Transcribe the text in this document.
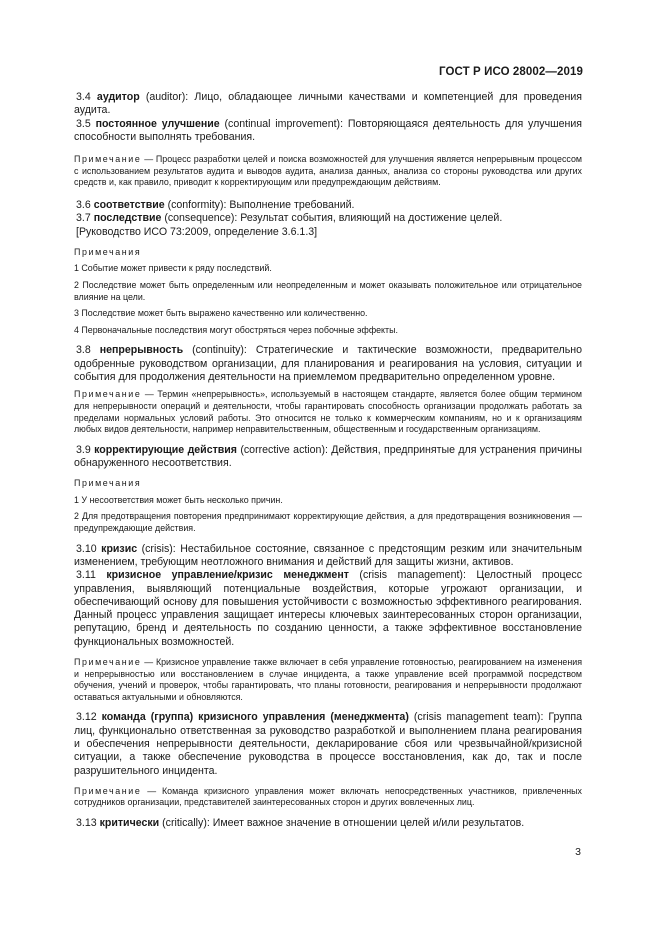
ГОСТ Р ИСО 28002—2019

3.4 аудитор (auditor): Лицо, обладающее личными качествами и компетенцией для проведения аудита.

3.5 постоянное улучшение (continual improvement): Повторяющаяся деятельность для улучшения способности выполнять требования.

Примечание — Процесс разработки целей и поиска возможностей для улучшения является непрерывным процессом с использованием результатов аудита и выводов аудита, анализа данных, анализа со стороны руководства или других средств и, как правило, приводит к корректирующим или предупреждающим действиям.

3.6 соответствие (conformity): Выполнение требований.

3.7 последствие (consequence): Результат события, влияющий на достижение целей.

[Руководство ИСО 73:2009, определение 3.6.1.3]

Примечания

1 Событие может привести к ряду последствий.

2 Последствие может быть определенным или неопределенным и может оказывать положительное или отрицательное влияние на цели.

3 Последствие может быть выражено качественно или количественно.

4 Первоначальные последствия могут обостряться через побочные эффекты.

3.8 непрерывность (continuity): Стратегические и тактические возможности, предварительно одобренные руководством организации, для планирования и реагирования на условия, ситуации и события для продолжения деятельности на приемлемом предварительно определенном уровне.

Примечание — Термин «непрерывность», используемый в настоящем стандарте, является более общим термином для непрерывности операций и деятельности, чтобы гарантировать способность организации продолжать работать за пределами нормальных условий работы. Это относится не только к коммерческим компаниям, но и к организациям любых видов деятельности, например неправительственным, общественным и государственным организациям.

3.9 корректирующие действия (corrective action): Действия, предпринятые для устранения причины обнаруженного несоответствия.

Примечания

1 У несоответствия может быть несколько причин.

2 Для предотвращения повторения предпринимают корректирующие действия, а для предотвращения возникновения — предупреждающие действия.

3.10 кризис (crisis): Нестабильное состояние, связанное с предстоящим резким или значительным изменением, требующим неотложного внимания и действий для защиты жизни, активов.

3.11 кризисное управление/кризис менеджмент (crisis management): Целостный процесс управления, выявляющий потенциальные воздействия, которые угрожают организации, и обеспечивающий основу для повышения устойчивости с возможностью эффективного реагирования. Данный процесс управления защищает интересы ключевых заинтересованных сторон организации, репутацию, бренд и деятельность по созданию ценности, а также эффективное восстановление функциональных возможностей.

Примечание — Кризисное управление также включает в себя управление готовностью, реагированием на изменения и непрерывностью или восстановлением в случае инцидента, а также управление всей программой посредством обучения, учений и проверок, чтобы гарантировать, что планы готовности, реагирования и непрерывности продолжают оставаться актуальными и обновляются.

3.12 команда (группа) кризисного управления (менеджмента) (crisis management team): Группа лиц, функционально ответственная за руководство разработкой и выполнением плана реагирования и обеспечения непрерывности деятельности, декларирование сбоя или чрезвычайной/кризисной ситуации, а также обеспечение руководства в процессе восстановления, как до, так и после разрушительного инцидента.

Примечание — Команда кризисного управления может включать непосредственных участников, привлеченных сотрудников организации, представителей заинтересованных сторон и других вовлеченных лиц.

3.13 критически (critically): Имеет важное значение в отношении целей и/или результатов.

3
